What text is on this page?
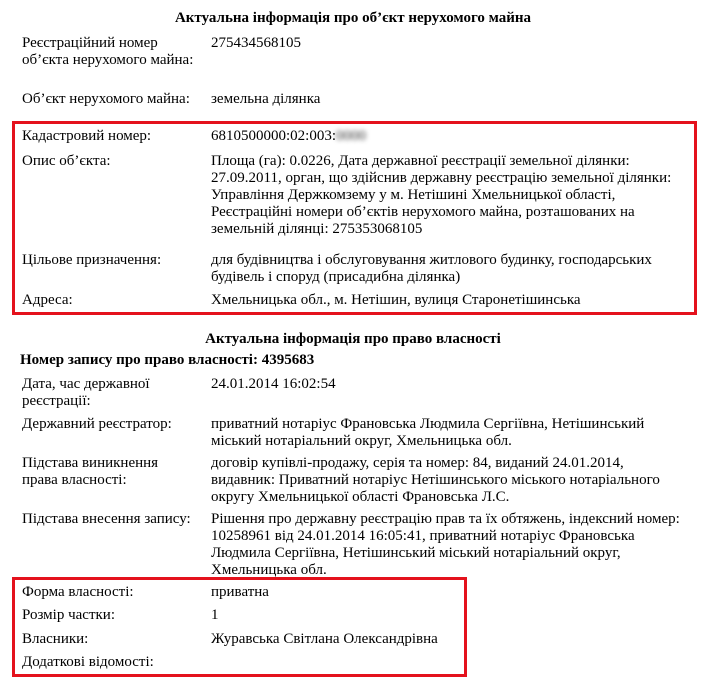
Актуальна інформація про об’єкт нерухомого майна
Реєстраційний номер об’єкта нерухомого майна:
275434568105
Об’єкт нерухомого майна:	земельна ділянка
Кадастровий номер:	6810500000:02:003:0000
Опис об’єкта:	Площа (га): 0.0226, Дата державної реєстрації земельної ділянки: 27.09.2011, орган, що здійснив державну реєстрацію земельної ділянки: Управління Держкомзему у м. Нетішині Хмельницької області, Реєстраційні номери об’єктів нерухомого майна, розташованих на земельній ділянці: 275353068105
Цільове призначення:	для будівництва і обслуговування житлового будинку, господарських будівель і споруд (присадибна ділянка)
Адреса:	Хмельницька обл., м. Нетішин, вулиця Старонетішинська
Актуальна інформація про право власності
Номер запису про право власності: 4395683
Дата, час державної реєстрації:
24.01.2014 16:02:54
Державний реєстратор:	приватний нотаріус Франовська Людмила Сергіївна, Нетішинський міський нотаріальний округ, Хмельницька обл.
Підстава виникнення права власності:
договір купівлі-продажу, серія та номер: 84, виданий 24.01.2014, видавник: Приватний нотаріус Нетішинського міського нотаріального округу Хмельницької області Франовська Л.С.
Підстава внесення запису:	Рішення про державну реєстрацію прав та їх обтяжень, індексний номер: 10258961 від 24.01.2014 16:05:41, приватний нотаріус Франовська Людмила Сергіївна, Нетішинський міський нотаріальний округ, Хмельницька обл.
Форма власності:	приватна
Розмір частки:	1
Власники:	Журавська Світлана Олександрівна
Додаткові відомості:
